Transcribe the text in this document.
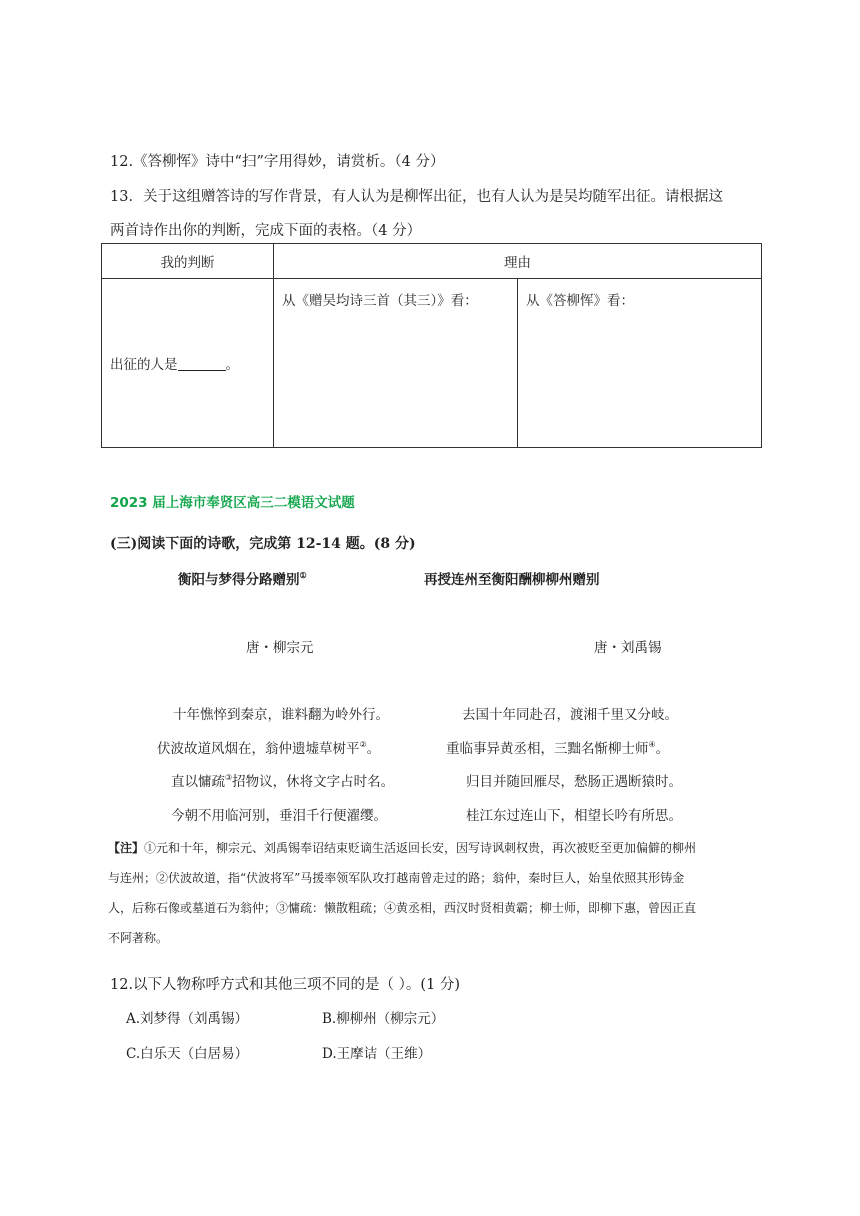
12.《答柳恽》诗中“扫”字用得妙，请赏析。（4 分）
13．关于这组赠答诗的写作背景，有人认为是柳恽出征，也有人认为是吴均随军出征。请根据这
两首诗作出你的判断，完成下面的表格。（4 分）
我的判断	理由	
出征的人是 。	从《赠吴均诗三首（其三）》看：	从《答柳恽》看：
2023 届上海市奉贤区高三二模语文试题
(三)阅读下面的诗歌，完成第 12-14 题。(8 分)
衡阳与梦得分路赠别①	再授连州至衡阳酬柳柳州赠别
唐・柳宗元	唐・刘禹锡
十年憔悴到秦京，谁料翻为岭外行。
伏波故道风烟在，翁仲遗墟草树平②。
直以慵疏③招物议，休将文字占时名。
今朝不用临河别，垂泪千行便濯缨。
去国十年同赴召，渡湘千里又分岐。
重临事异黄丞相，三黜名惭柳士师④。
归目并随回雁尽，愁肠正遇断猿时。
桂江东过连山下，相望长吟有所思。
【注】①元和十年，柳宗元、刘禹锡奉诏结束贬谪生活返回长安，因写诗讽刺权贵，再次被贬至更加偏僻的柳州
与连州；②伏波故道，指“伏波将军”马援率领军队攻打越南曾走过的路；翁仲，秦时巨人，始皇依照其形铸金
人，后称石像或墓道石为翁仲；③慵疏：懒散粗疏；④黄丞相，西汉时贤相黄霸；柳士师，即柳下惠，曾因正直
不阿著称。
12.以下人物称呼方式和其他三项不同的是（ ）。(1 分)
A.刘梦得（刘禹锡）	B.柳柳州（柳宗元）
C.白乐天（白居易）	D.王摩诘（王维）
